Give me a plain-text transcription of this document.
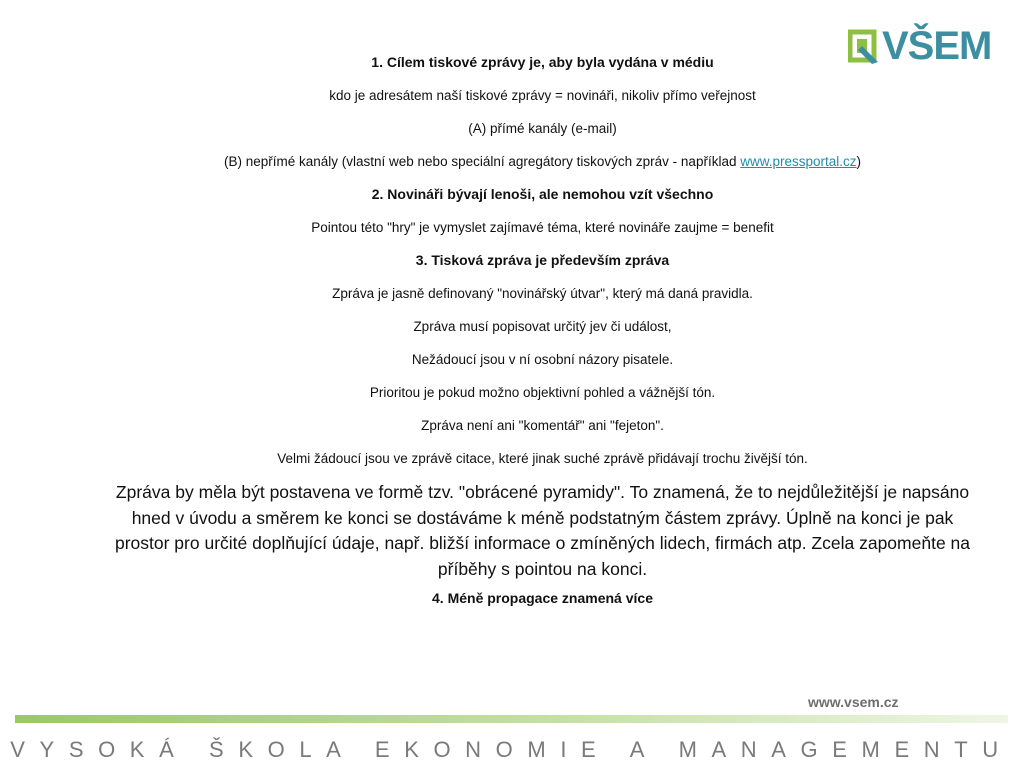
VŠEM

1. Cílem tiskové zprávy je, aby byla vydána v médiu

kdo je adresátem naší tiskové zprávy = novináři, nikoliv přímo veřejnost

(A) přímé kanály (e-mail)

(B) nepřímé kanály (vlastní web nebo speciální agregátory tiskových zpráv - například www.pressportal.cz)

2. Novináři bývají lenoši, ale nemohou vzít všechno

Pointou této "hry" je vymyslet zajímavé téma, které novináře zaujme = benefit

3. Tisková zpráva je především zpráva

Zpráva je jasně definovaný "novinářský útvar", který má daná pravidla.

Zpráva musí popisovat určitý jev či událost,

Nežádoucí jsou v ní osobní názory pisatele.

Prioritou je pokud možno objektivní pohled a vážnější tón.

Zpráva není ani "komentář" ani "fejeton".

Velmi žádoucí jsou ve zprávě citace, které jinak suché zprávě přidávají trochu živější tón.

Zpráva by měla být postavena ve formě tzv. "obrácené pyramidy". To znamená, že to nejdůležitější je napsáno hned v úvodu a směrem ke konci se dostáváme k méně podstatným částem zprávy. Úplně na konci je pak prostor pro určité doplňující údaje, např. bližší informace o zmíněných lidech, firmách atp. Zcela zapomeňte na příběhy s pointou na konci.

4. Méně propagace znamená více

www.vsem.cz
VYSOKÁ ŠKOLA EKONOMIE A MANAGEMENTU
